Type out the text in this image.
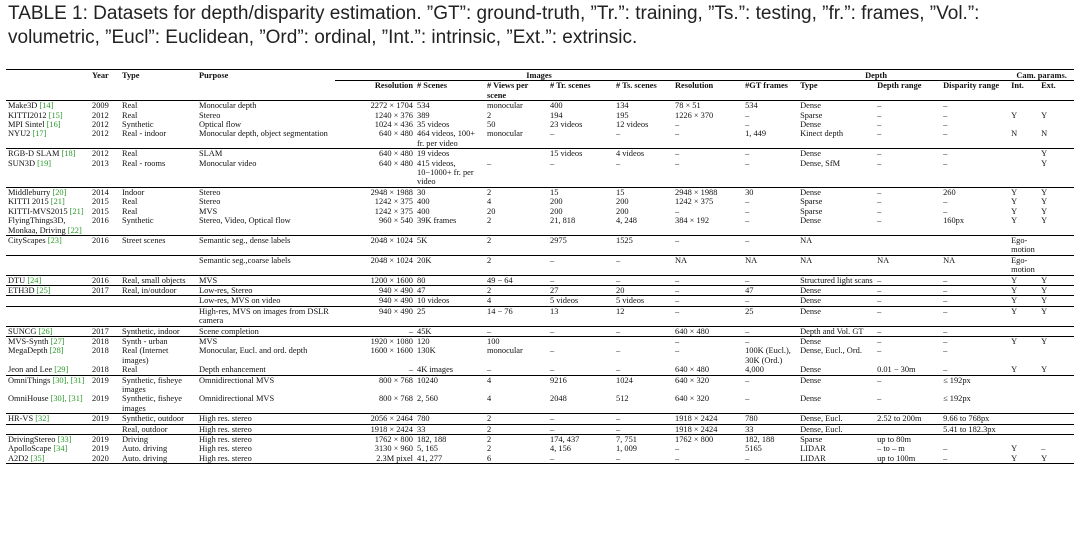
TABLE 1: Datasets for depth/disparity estimation. ”GT”: ground-truth, ”Tr.”: training, ”Ts.”: testing, ”fr.”: frames, ”Vol.”: volumetric, ”Eucl”: Euclidean, ”Ord”: ordinal, ”Int.”: intrinsic, ”Ext.”: extrinsic.
	Year	Type	Purpose	Images						Depth				Cam. params.	
				Resolution	# Scenes	# Views per scene	# Tr. scenes	# Ts. scenes	Resolution	#GT frames	Type	Depth range	Disparity range	Int.	Ext.
Make3D [14]	2009	Real	Monocular depth	2272 × 1704	534	monocular	400	134	78 × 51	534	Dense	–	–		
KITTI2012 [15]	2012	Real	Stereo	1240 × 376	389	2	194	195	1226 × 370	–	Sparse	–	–	Y	Y
MPI Sintel [16]	2012	Synthetic	Optical flow	1024 × 436	35 videos	50	23 videos	12 videos	–	–	Dense	–	–		
NYU2 [17]	2012	Real - indoor	Monocular depth, object segmentation	640 × 480	464 videos, 100+ fr. per video	monocular	–	–	–	1, 449	Kinect depth	–	–	N	N
RGB-D SLAM [18]	2012	Real	SLAM	640 × 480	19 videos		15 videos	4 videos	–	–	Dense	–	–		Y
SUN3D [19]	2013	Real - rooms	Monocular video	640 × 480	415 videos, 10−1000+ fr. per video	–	–	–	–	–	Dense, SfM	–	–		Y
Middleburry [20]	2014	Indoor	Stereo	2948 × 1988	30	2	15	15	2948 × 1988	30	Dense	–	260	Y	Y
KITTI 2015 [21]	2015	Real	Stereo	1242 × 375	400	4	200	200	1242 × 375	–	Sparse	–	–	Y	Y
KITTI-MVS2015 [21]	2015	Real	MVS	1242 × 375	400	20	200	200	–	–	Sparse	–	–	Y	Y
FlyingThings3D, Monkaa, Driving [22]	2016	Synthetic	Stereo, Video, Optical flow	960 × 540	39K frames	2	21, 818	4, 248	384 × 192	–	Dense	–	160px	Y	Y
CityScapes [23]	2016	Street scenes	Semantic seg., dense labels	2048 × 1024	5K	2	2975	1525	–	–	NA			Ego-motion	
			Semantic seg.,coarse labels	2048 × 1024	20K	2	–	–	NA	NA	NA	NA	NA	Ego-motion	
DTU [24]	2016	Real, small objects	MVS	1200 × 1600	80	49 − 64	–	–	–	–	Structured light scans	–	–	Y	Y
ETH3D [25]	2017	Real, in/outdoor	Low-res, Stereo	940 × 490	47	2	27	20	–	47	Dense	–	–	Y	Y
			Low-res, MVS on video	940 × 490	10 videos	4	5 videos	5 videos	–	–	Dense	–	–	Y	Y
			High-res, MVS on images from DSLR camera	940 × 490	25	14 − 76	13	12	–	25	Dense	–	–	Y	Y
SUNCG [26]	2017	Synthetic, indoor	Scene completion	–	45K	–	–	–	640 × 480	–	Depth and Vol. GT	–	–		
MVS-Synth [27]	2018	Synth - urban	MVS	1920 × 1080	120	100			–	–	Dense	–	–	Y	Y
MegaDepth [28]	2018	Real (Internet images)	Monocular, Eucl. and ord. depth	1600 × 1600	130K	monocular	–	–	–	100K (Eucl.), 30K (Ord.)	Dense, Eucl., Ord.	–	–		
Jeon and Lee [29]	2018	Real	Depth enhancement	–	4K images	–	–	–	640 × 480	4,000	Dense	0.01 − 30m	–	Y	Y
OmniThings [30], [31]	2019	Synthetic, fisheye images	Omnidirectional MVS	800 × 768	10240	4	9216	1024	640 × 320	–	Dense	–	≤ 192px		
OmniHouse [30], [31]	2019	Synthetic, fisheye images	Omnidirectional MVS	800 × 768	2, 560	4	2048	512	640 × 320	–	Dense	–	≤ 192px		
HR-VS [32]	2019	Synthetic, outdoor	High res. stereo	2056 × 2464	780	2	–	–	1918 × 2424	780	Dense, Eucl.	2.52 to 200m	9.66 to 768px		
		Real, outdoor	High res. stereo	1918 × 2424	33	2	–	–	1918 × 2424	33	Dense, Eucl.		5.41 to 182.3px		
DrivingStereo [33]	2019	Driving	High res. stereo	1762 × 800	182, 188	2	174, 437	7, 751	1762 × 800	182, 188	Sparse	up to 80m			
ApolloScape [34]	2019	Auto. driving	High res. stereo	3130 × 960	5, 165	2	4, 156	1, 009	–	5165	LIDAR	– to – m	–	Y	–
A2D2 [35]	2020	Auto. driving	High res. stereo	2.3M pixel	41, 277	6	–	–	–	–	LIDAR	up to 100m	–	Y	Y
